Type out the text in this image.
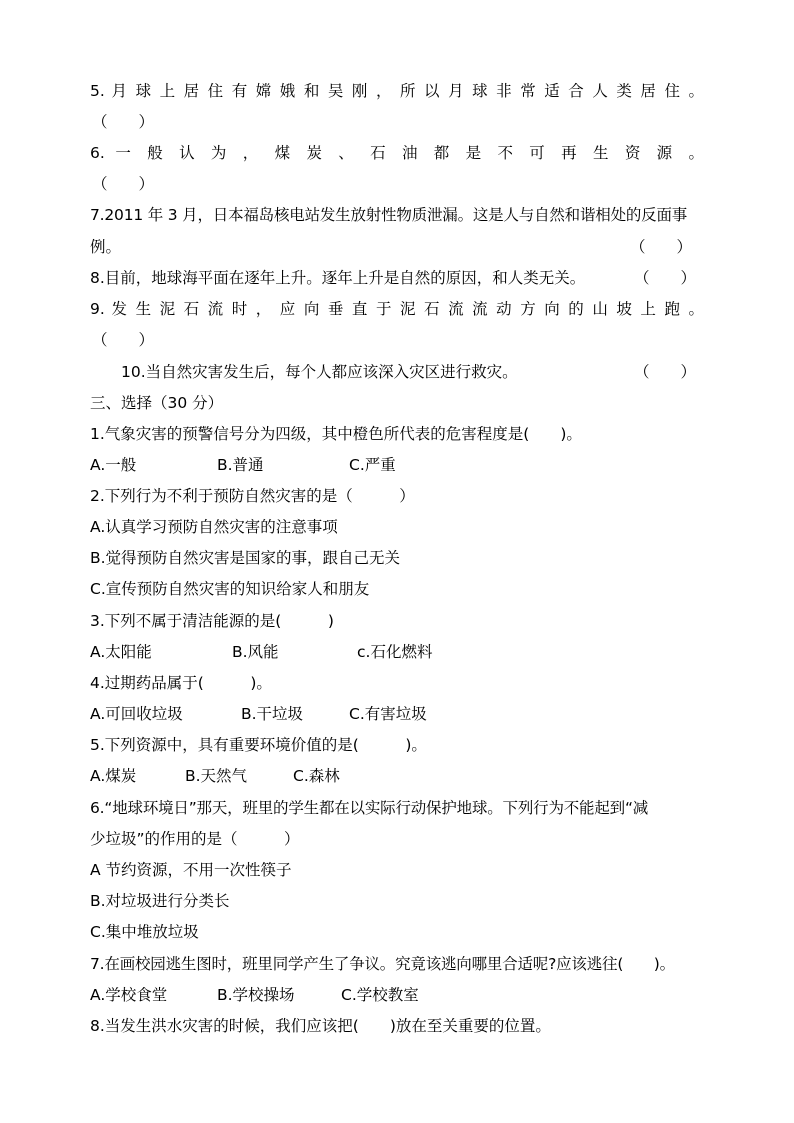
5. 月 球 上 居 住 有 嫦 娥 和 吴 刚 ， 所 以 月 球 非 常 适 合 人 类 居 住 。
（　　）
6. 一 般 认 为 ， 煤 炭 、 石 油 都 是 不 可 再 生 资 源 。
（　　）
7.2011 年 3 月，日本福岛核电站发生放射性物质泄漏。这是人与自然和谐相处的反面事
例。	（　　）
8.目前，地球海平面在逐年上升。逐年上升是自然的原因，和人类无关。	（　　）
9. 发 生 泥 石 流 时 ， 应 向 垂 直 于 泥 石 流 流 动 方 向 的 山 坡 上 跑 。
（　　）
10.当自然灾害发生后，每个人都应该深入灾区进行救灾。	（　　）
三、选择（30 分）
1.气象灾害的预警信号分为四级，其中橙色所代表的危害程度是(　　)。
A.一般	B.普通	C.严重
2.下列行为不利于预防自然灾害的是（　　　）
A.认真学习预防自然灾害的注意事项
B.觉得预防自然灾害是国家的事，跟自己无关
C.宣传预防自然灾害的知识给家人和朋友
3.下列不属于清洁能源的是(　　　)
A.太阳能	B.风能	c.石化燃料
4.过期药品属于(　　　)。
A.可回收垃圾	B.干垃圾	C.有害垃圾
5.下列资源中，具有重要环境价值的是(　　　)。
A.煤炭	B.天然气	C.森林
6.“地球环境日”那天，班里的学生都在以实际行动保护地球。下列行为不能起到“减
少垃圾”的作用的是（　　　）
A 节约资源，不用一次性筷子
B.对垃圾进行分类长
C.集中堆放垃圾
7.在画校园逃生图时，班里同学产生了争议。究竟该逃向哪里合适呢?应该逃往(　　)。
A.学校食堂	B.学校操场	C.学校教室
8.当发生洪水灾害的时候，我们应该把(　　)放在至关重要的位置。
